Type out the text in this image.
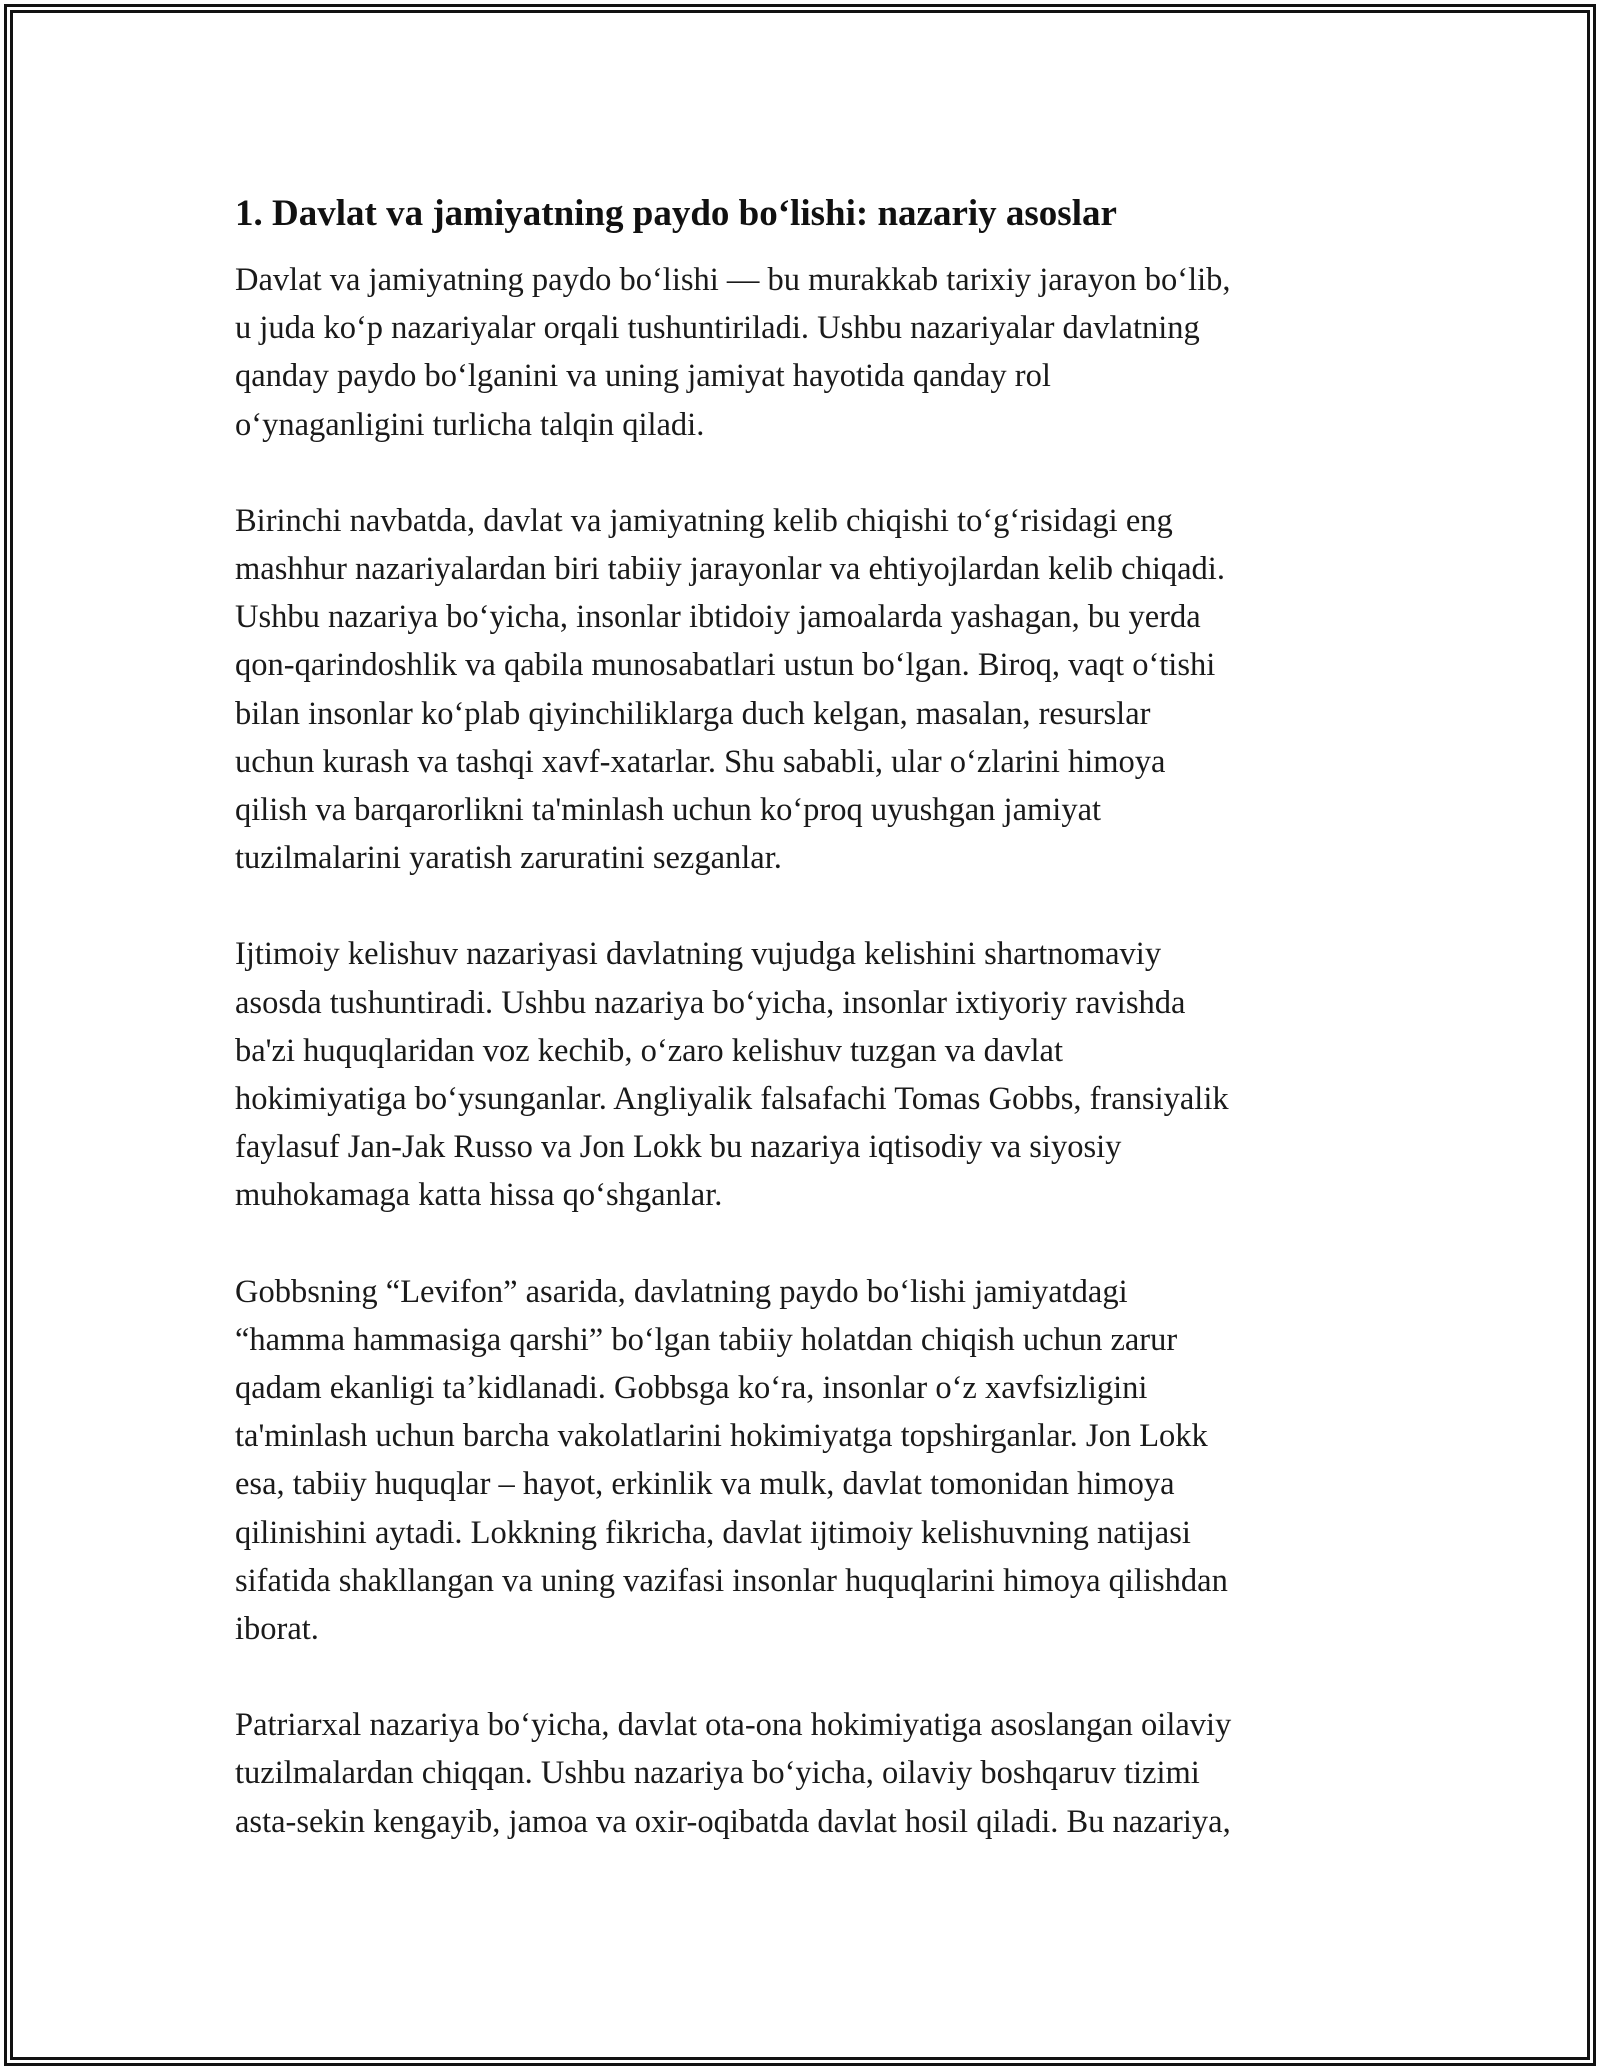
1. Davlat va jamiyatning paydo bo‘lishi: nazariy asoslar

Davlat va jamiyatning paydo bo‘lishi — bu murakkab tarixiy jarayon bo‘lib,
u juda ko‘p nazariyalar orqali tushuntiriladi. Ushbu nazariyalar davlatning
qanday paydo bo‘lganini va uning jamiyat hayotida qanday rol
o‘ynaganligini turlicha talqin qiladi.

Birinchi navbatda, davlat va jamiyatning kelib chiqishi to‘g‘risidagi eng
mashhur nazariyalardan biri tabiiy jarayonlar va ehtiyojlardan kelib chiqadi.
Ushbu nazariya bo‘yicha, insonlar ibtidoiy jamoalarda yashagan, bu yerda
qon-qarindoshlik va qabila munosabatlari ustun bo‘lgan. Biroq, vaqt o‘tishi
bilan insonlar ko‘plab qiyinchiliklarga duch kelgan, masalan, resurslar
uchun kurash va tashqi xavf-xatarlar. Shu sababli, ular o‘zlarini himoya
qilish va barqarorlikni ta'minlash uchun ko‘proq uyushgan jamiyat
tuzilmalarini yaratish zaruratini sezganlar.

Ijtimoiy kelishuv nazariyasi davlatning vujudga kelishini shartnomaviy
asosda tushuntiradi. Ushbu nazariya bo‘yicha, insonlar ixtiyoriy ravishda
ba'zi huquqlaridan voz kechib, o‘zaro kelishuv tuzgan va davlat
hokimiyatiga bo‘ysunganlar. Angliyalik falsafachi Tomas Gobbs, fransiyalik
faylasuf Jan-Jak Russo va Jon Lokk bu nazariya iqtisodiy va siyosiy
muhokamaga katta hissa qo‘shganlar.

Gobbsning “Levifon” asarida, davlatning paydo bo‘lishi jamiyatdagi
“hamma hammasiga qarshi” bo‘lgan tabiiy holatdan chiqish uchun zarur
qadam ekanligi ta’kidlanadi. Gobbsga ko‘ra, insonlar o‘z xavfsizligini
ta'minlash uchun barcha vakolatlarini hokimiyatga topshirganlar. Jon Lokk
esa, tabiiy huquqlar – hayot, erkinlik va mulk, davlat tomonidan himoya
qilinishini aytadi. Lokkning fikricha, davlat ijtimoiy kelishuvning natijasi
sifatida shakllangan va uning vazifasi insonlar huquqlarini himoya qilishdan
iborat.

Patriarxal nazariya bo‘yicha, davlat ota-ona hokimiyatiga asoslangan oilaviy
tuzilmalardan chiqqan. Ushbu nazariya bo‘yicha, oilaviy boshqaruv tizimi
asta-sekin kengayib, jamoa va oxir-oqibatda davlat hosil qiladi. Bu nazariya,
